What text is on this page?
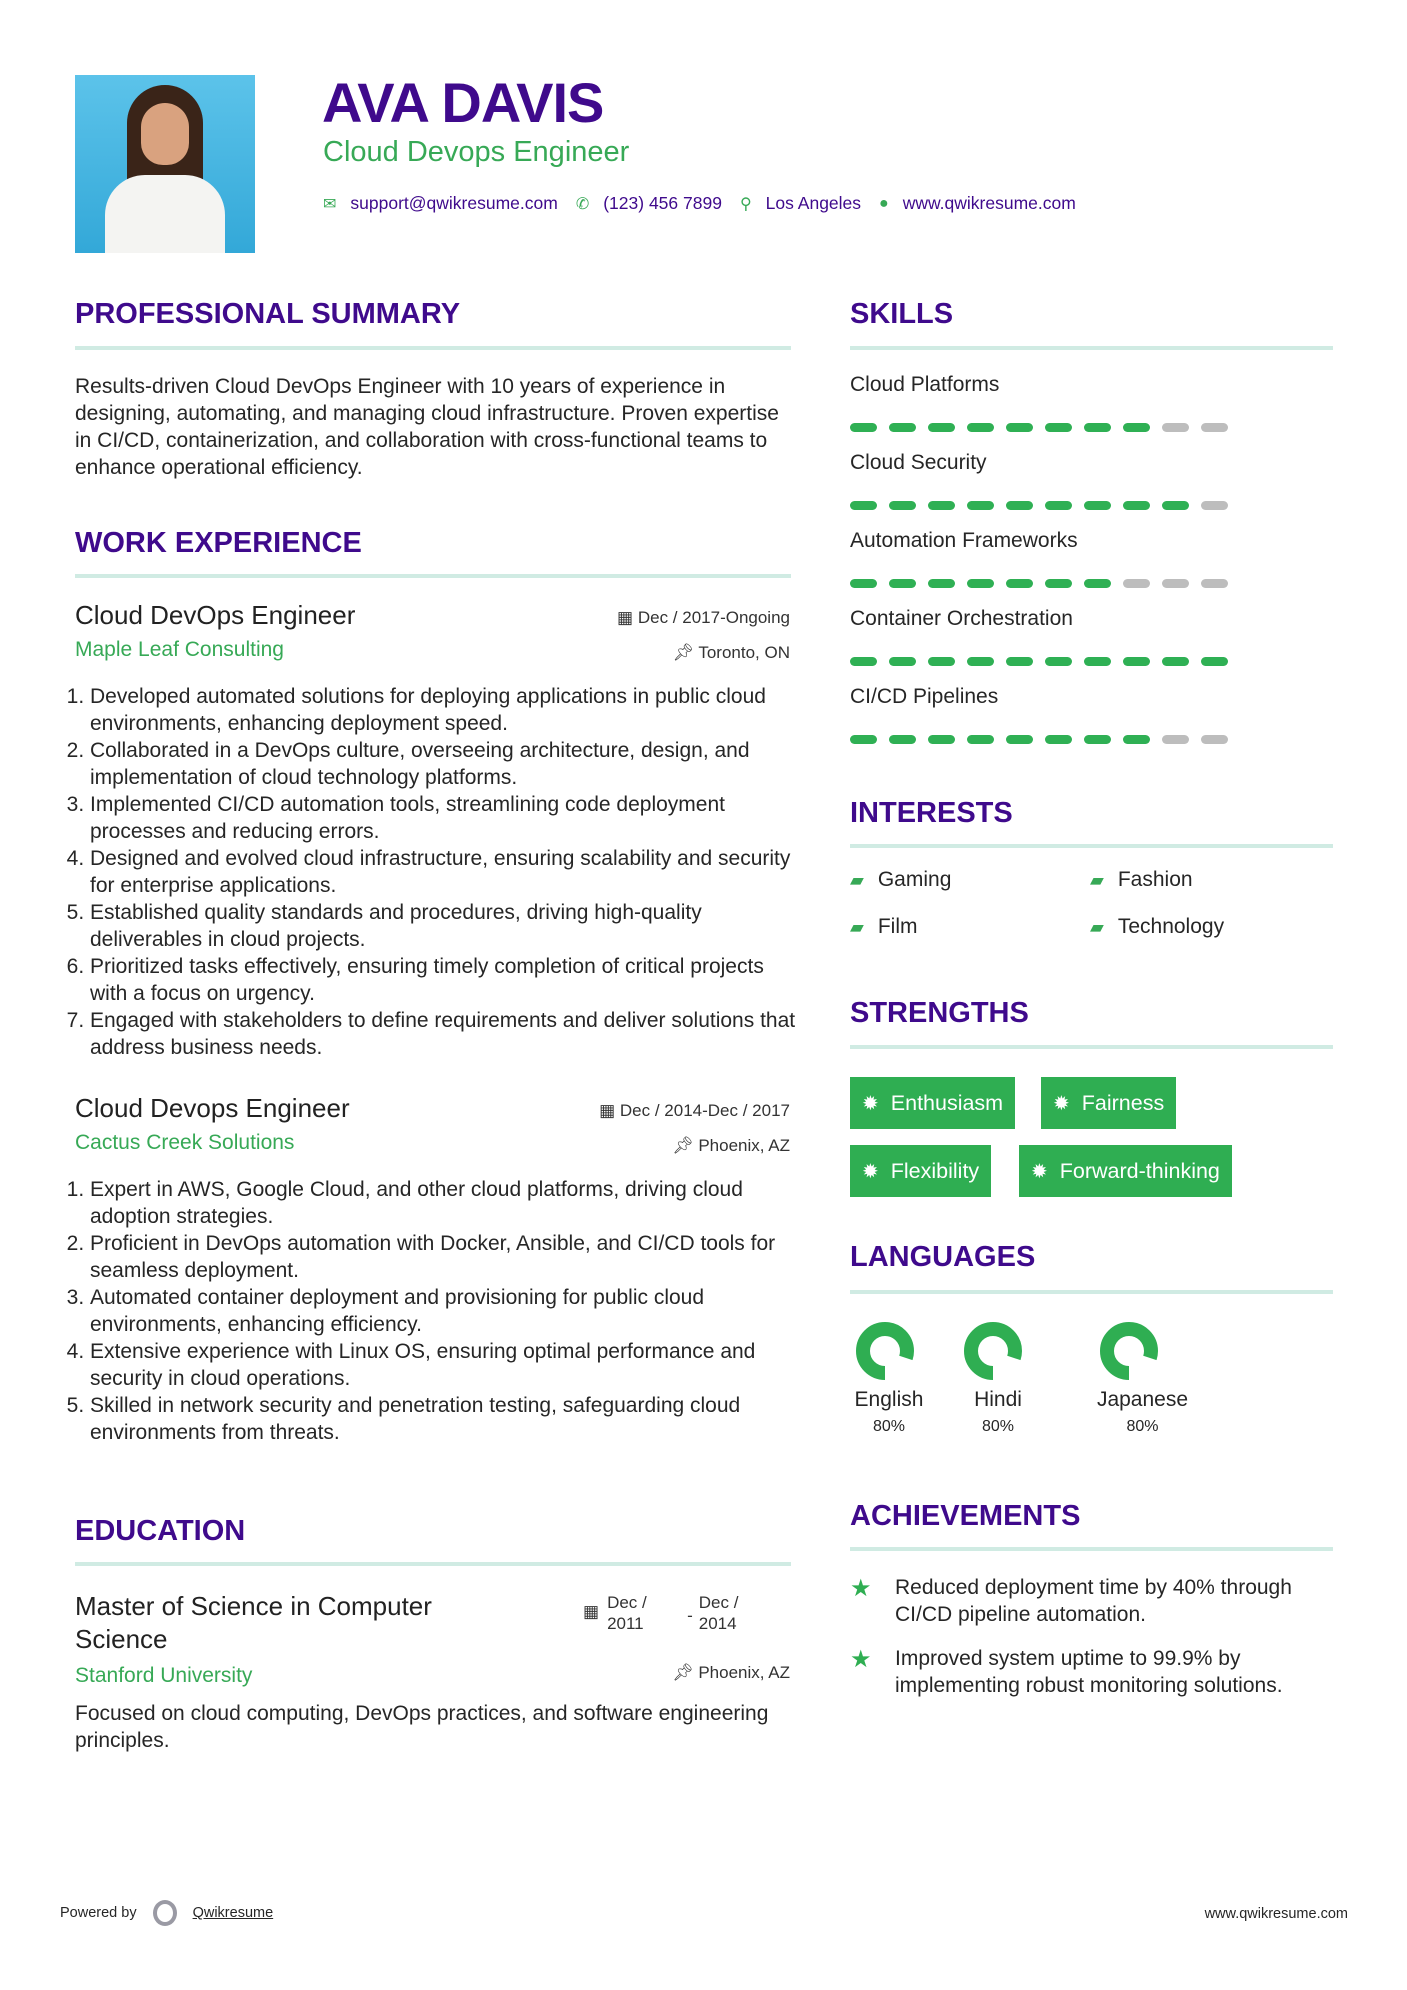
AVA DAVIS
Cloud Devops Engineer
✉ support@qwikresume.com ✆ (123) 456 7899 ⚲ Los Angeles ● www.qwikresume.com
PROFESSIONAL SUMMARY
Results-driven Cloud DevOps Engineer with 10 years of experience in designing, automating, and managing cloud infrastructure. Proven expertise in CI/CD, containerization, and collaboration with cross-functional teams to enhance operational efficiency.
WORK EXPERIENCE
Cloud DevOps Engineer	▦ Dec / 2017-Ongoing
Maple Leaf Consulting	📌︎ Toronto, ON
1. Developed automated solutions for deploying applications in public cloud environments, enhancing deployment speed.
2. Collaborated in a DevOps culture, overseeing architecture, design, and implementation of cloud technology platforms.
3. Implemented CI/CD automation tools, streamlining code deployment processes and reducing errors.
4. Designed and evolved cloud infrastructure, ensuring scalability and security for enterprise applications.
5. Established quality standards and procedures, driving high-quality deliverables in cloud projects.
6. Prioritized tasks effectively, ensuring timely completion of critical projects with a focus on urgency.
7. Engaged with stakeholders to define requirements and deliver solutions that address business needs.
Cloud Devops Engineer	▦ Dec / 2014-Dec / 2017
Cactus Creek Solutions	📌︎ Phoenix, AZ
1. Expert in AWS, Google Cloud, and other cloud platforms, driving cloud adoption strategies.
2. Proficient in DevOps automation with Docker, Ansible, and CI/CD tools for seamless deployment.
3. Automated container deployment and provisioning for public cloud environments, enhancing efficiency.
4. Extensive experience with Linux OS, ensuring optimal performance and security in cloud operations.
5. Skilled in network security and penetration testing, safeguarding cloud environments from threats.
EDUCATION
Master of Science in Computer Science
▦ Dec / 2011	-
Dec / 2014
Stanford University	📌︎ Phoenix, AZ
Focused on cloud computing, DevOps practices, and software engineering principles.
SKILLS
Cloud Platforms
Cloud Security
Automation Frameworks
Container Orchestration
CI/CD Pipelines
INTERESTS
▰ Gaming	▰ Fashion
▰ Film	▰ Technology
STRENGTHS
✹ Enthusiasm ✹ Fairness
✹ Flexibility	✹ Forward-thinking
LANGUAGES
English
80%
Hindi
80%
Japanese
80%
ACHIEVEMENTS
★	Reduced deployment time by 40% through CI/CD pipeline automation.
★	Improved system uptime to 99.9% by implementing robust monitoring solutions.
Powered by	Qwikresume	www.qwikresume.com
